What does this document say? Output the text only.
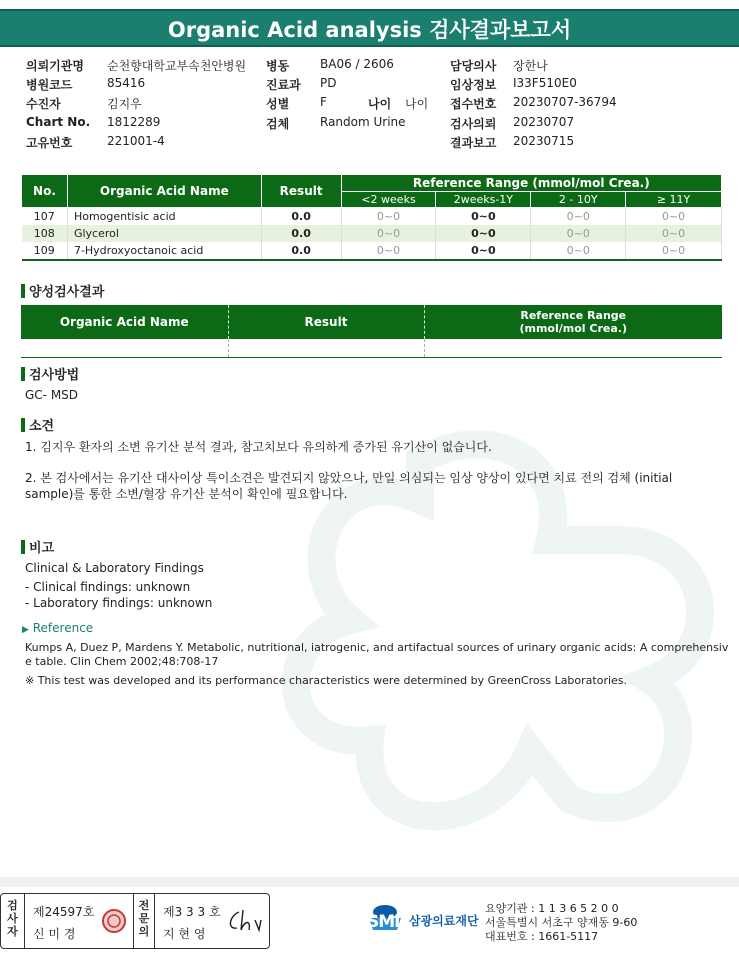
Organic Acid analysis 검사결과보고서
의뢰기관명 순천향대학교부속천안병원
병원코드	85416
수진자	김지우
Chart No. 1812289
고유번호	221001-4
병동	BA06 / 2606
진료과 PD
성별	F	나이 나이
검체	Random Urine
담당의사 장한나
임상정보 I33F510E0
접수번호 20230707-36794
검사의뢰 20230707
결과보고 20230715
No.	Organic Acid Name	Result	Reference Range (mmol/mol Crea.)			
			<2 weeks	2weeks-1Y	2 - 10Y	≥ 11Y
107	Homogentisic acid	0.0	0~0	0~0	0~0	0~0
108	Glycerol	0.0	0~0	0~0	0~0	0~0
109	7-Hydroxyoctanoic acid	0.0	0~0	0~0	0~0	0~0
양성검사결과
Organic Acid Name	Result	Reference Range
(mmol/mol Crea.)

검사방법
GC- MSD
소견
1. 김지우 환자의 소변 유기산 분석 결과, 참고치보다 유의하게 증가된 유기산이 없습니다.
2. 본 검사에서는 유기산 대사이상 특이소견은 발견되지 않았으나, 만일 의심되는 임상 양상이 있다면 치료 전의 검체 (initial
sample)를 통한 소변/혈장 유기산 분석이 확인에 필요합니다.
비고
Clinical & Laboratory Findings
- Clinical findings: unknown
- Laboratory findings: unknown
▶ Reference
Kumps A, Duez P, Mardens Y. Metabolic, nutritional, iatrogenic, and artifactual sources of urinary organic acids: A comprehensiv
e table. Clin Chem 2002;48:708-17
※ This test was developed and its performance characteristics were determined by GreenCross Laboratories.
검사자
제24597호
신 미 경
전문의
제3 3 3 호
지 현 영
SML 삼광의료재단
요양기관 : 1 1 3 6 5 2 0 0
서울특별시 서초구 양재동 9-60
대표번호 : 1661-5117
